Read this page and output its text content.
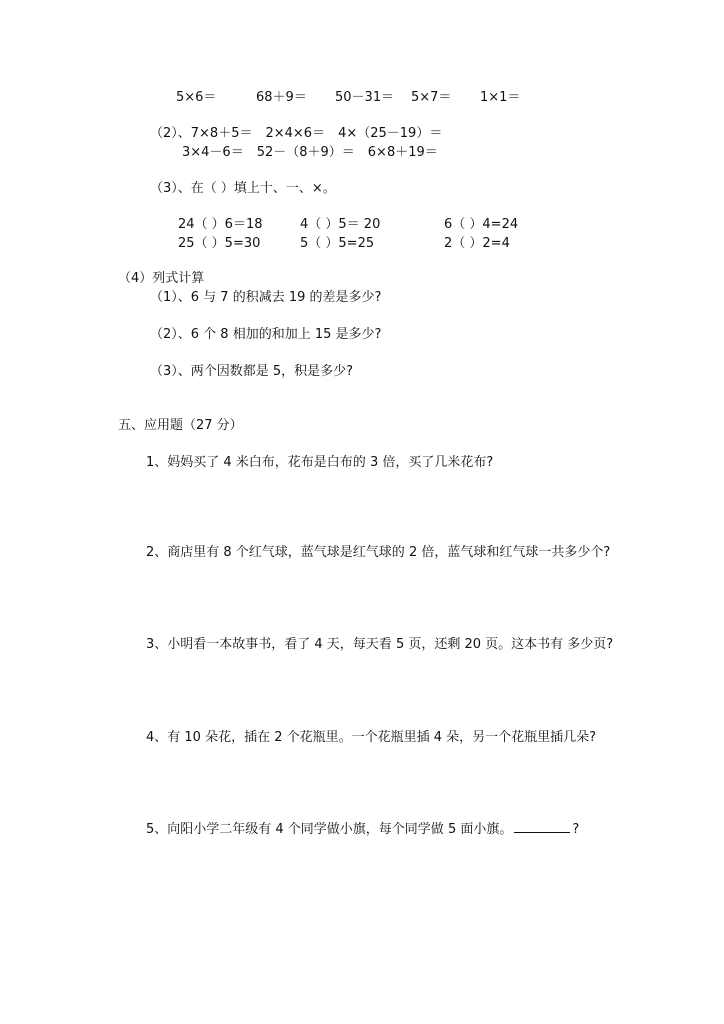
5×6＝	68＋9＝ 50－31＝ 5×7＝ 1×1＝
（2）、7×8＋5＝　2×4×6＝　4×（25－19）＝
3×4－6＝　52－（8＋9）＝　6×8＋19＝
（3）、在（ ）填上十、一、×。
24（ ）6＝18	4（ ）5＝ 20	6（ ）4=24
25（ ）5=30	5（ ）5=25	2（ ）2=4
（4）列式计算
（1）、6 与 7 的积减去 19 的差是多少?
（2）、6 个 8 相加的和加上 15 是多少?
（3）、两个因数都是 5，积是多少?
五、应用题（27 分）
1、妈妈买了 4 米白布，花布是白布的 3 倍，买了几米花布?
2、商店里有 8 个红气球，蓝气球是红气球的 2 倍，蓝气球和红气球一共多少个?
3、小明看一本故事书，看了 4 天，每天看 5 页，还剩 20 页。这本书有 多少页?
4、有 10 朵花，插在 2 个花瓶里。一个花瓶里插 4 朵，另一个花瓶里插几朵?
5、向阳小学二年级有 4 个同学做小旗，每个同学做 5 面小旗。	?
